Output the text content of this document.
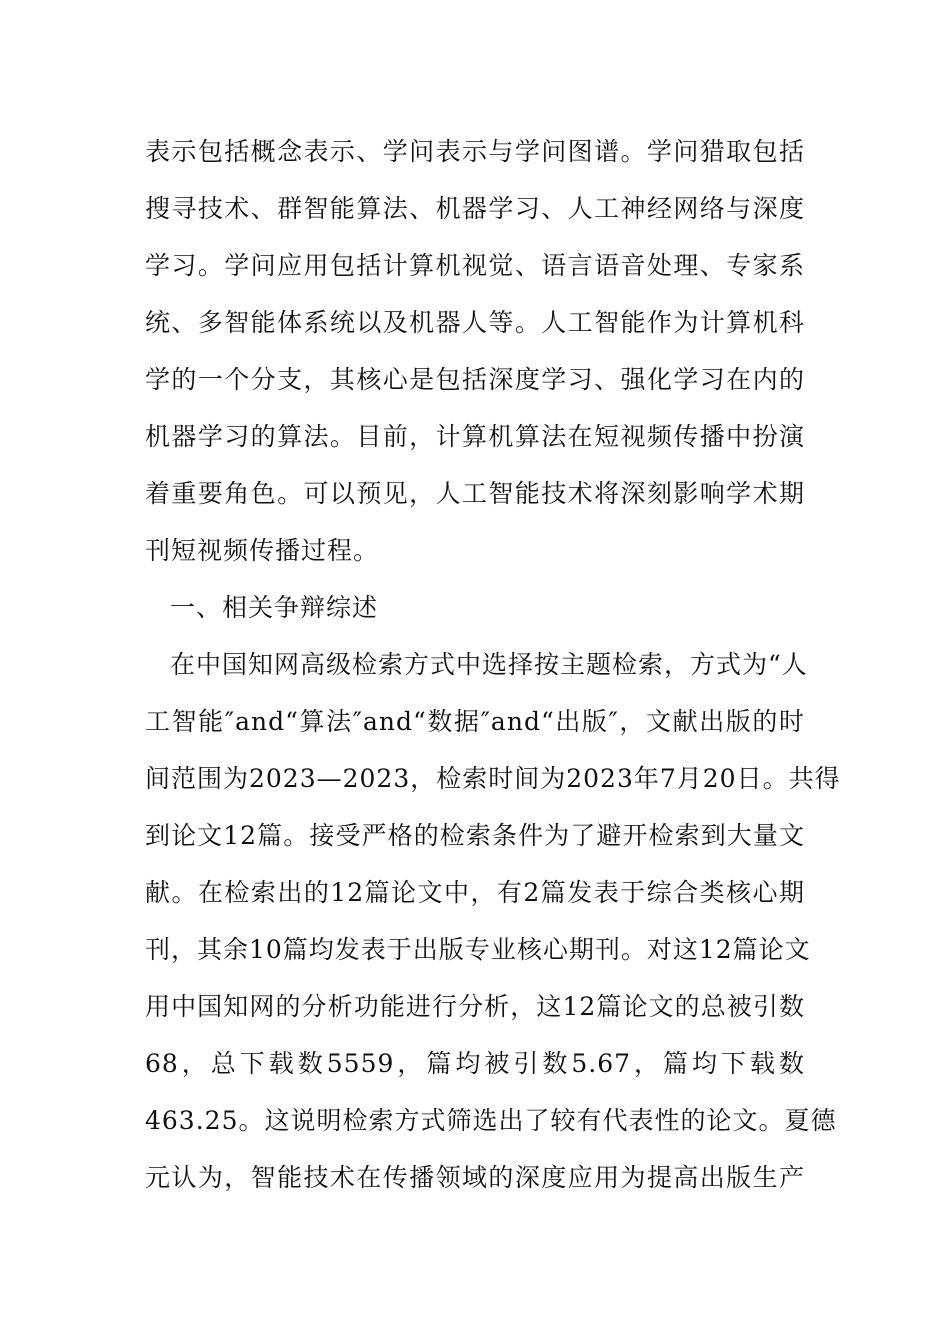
表示包括概念表示、学问表示与学问图谱。学问猎取包括
搜寻技术、群智能算法、机器学习、人工神经网络与深度
学习。学问应用包括计算机视觉、语言语音处理、专家系
统、多智能体系统以及机器人等。人工智能作为计算机科
学的一个分支，其核心是包括深度学习、强化学习在内的
机器学习的算法。目前，计算机算法在短视频传播中扮演
着重要角色。可以预见，人工智能技术将深刻影响学术期
刊短视频传播过程。
一、相关争辩综述
在中国知网高级检索方式中选择按主题检索，方式为“人
工智能″and“算法″and“数据″and“出版″，文献出版的时
间范围为2023—2023，检索时间为2023年7月20日。共得
到论文12篇。接受严格的检索条件为了避开检索到大量文
献。在检索出的12篇论文中，有2篇发表于综合类核心期
刊，其余10篇均发表于出版专业核心期刊。对这12篇论文
用中国知网的分析功能进行分析，这12篇论文的总被引数
68，总下载数5559，篇均被引数5.67，篇均下载数
463.25。这说明检索方式筛选出了较有代表性的论文。夏德
元认为，智能技术在传播领域的深度应用为提高出版生产
